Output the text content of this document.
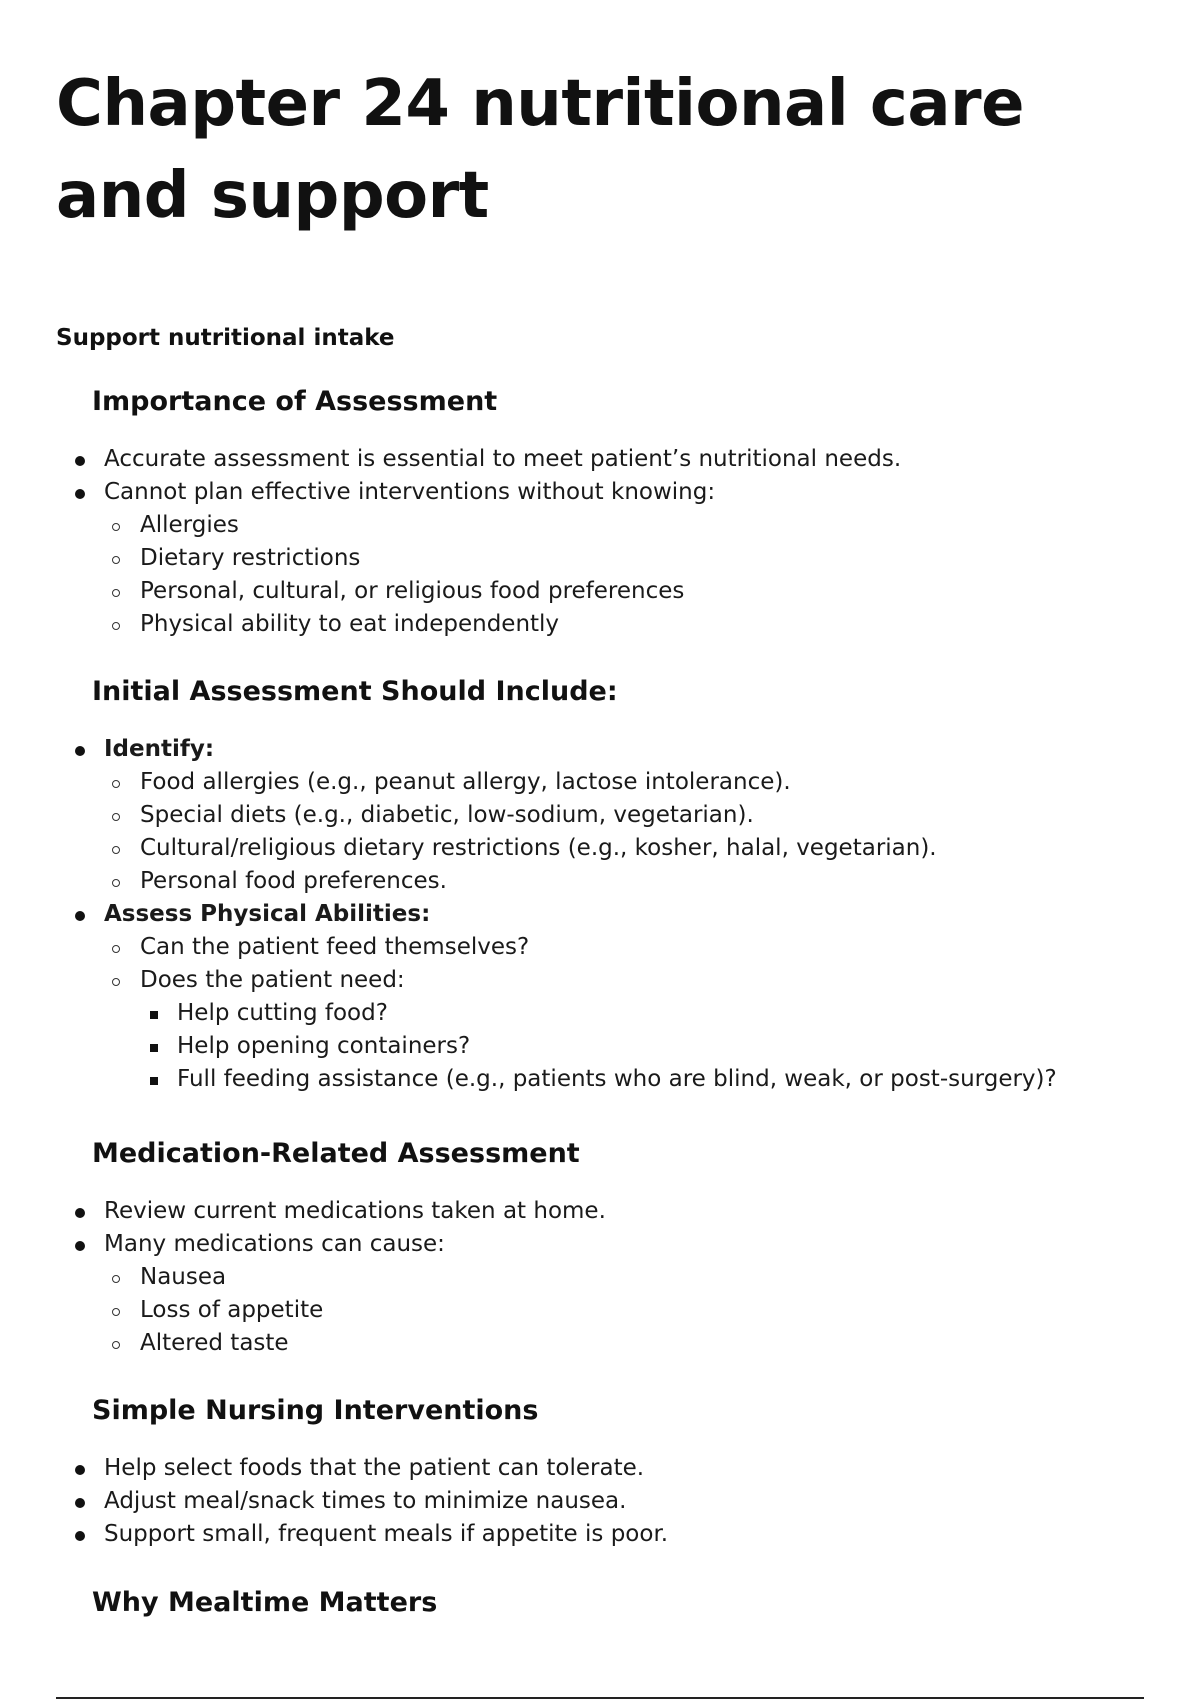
Chapter 24 nutritional care and support

Support nutritional intake

Importance of Assessment
Accurate assessment is essential to meet patient’s nutritional needs.
Cannot plan effective interventions without knowing:
Allergies
Dietary restrictions
Personal, cultural, or religious food preferences
Physical ability to eat independently
Initial Assessment Should Include:
Identify:
Food allergies (e.g., peanut allergy, lactose intolerance).
Special diets (e.g., diabetic, low-sodium, vegetarian).
Cultural/religious dietary restrictions (e.g., kosher, halal, vegetarian).
Personal food preferences.
Assess Physical Abilities:
Can the patient feed themselves?
Does the patient need:
Help cutting food?
Help opening containers?
Full feeding assistance (e.g., patients who are blind, weak, or post-surgery)?
Medication-Related Assessment
Review current medications taken at home.
Many medications can cause:
Nausea
Loss of appetite
Altered taste
Simple Nursing Interventions
Help select foods that the patient can tolerate.
Adjust meal/snack times to minimize nausea.
Support small, frequent meals if appetite is poor.
Why Mealtime Matters
